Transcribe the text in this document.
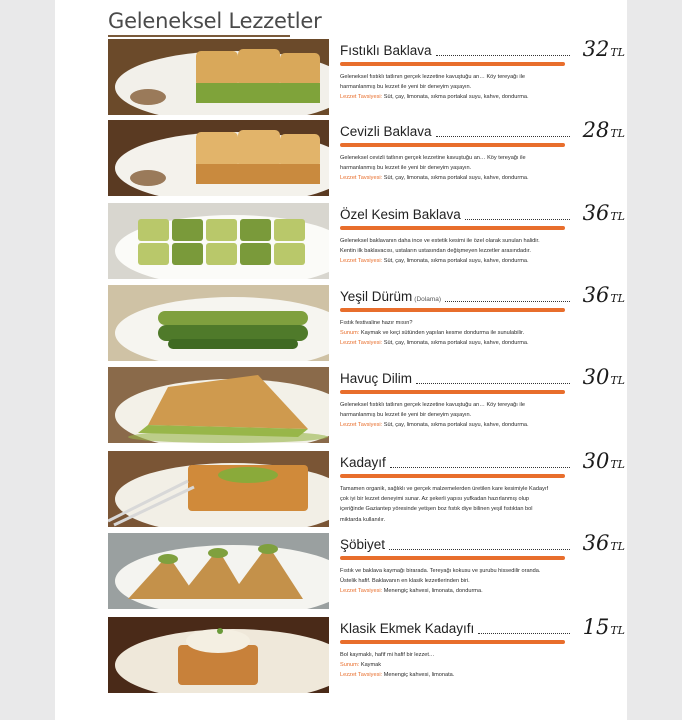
Geleneksel Lezzetler
Fıstıklı Baklava	32TL
Geleneksel fıstıklı tatlının gerçek lezzetine kavuştuğu an… Köy tereyağı ile
harmanlanmış bu lezzet ile yeni bir deneyim yaşayın.
Lezzet Tavsiyesi: Süt, çay, limonata, sıkma portakal suyu, kahve, dondurma.
Cevizli Baklava	28TL
Geleneksel cevizli tatlının gerçek lezzetine kavuştuğu an… Köy tereyağı ile
harmanlanmış bu lezzet ile yeni bir deneyim yaşayın.
Lezzet Tavsiyesi: Süt, çay, limonata, sıkma portakal suyu, kahve, dondurma.
Özel Kesim Baklava	36TL
Geleneksel baklavanın daha ince ve estetik kesimi ile özel olarak sunulan halidir.
Kentin ilk baklavacısı, ustaların ustasından değişmeyen lezzetler arasındadır.
Lezzet Tavsiyesi: Süt, çay, limonata, sıkma portakal suyu, kahve, dondurma.
Yeşil Dürüm (Dolama)	36TL
Fıstık festivaline hazır mısın?
Sunum: Kaymak ve keçi sütünden yapılan kesme dondurma ile sunulabilir.
Lezzet Tavsiyesi: Süt, çay, limonata, sıkma portakal suyu, kahve, dondurma.
Havuç Dilim	30TL
Geleneksel fıstıklı tatlının gerçek lezzetine kavuştuğu an… Köy tereyağı ile
harmanlanmış bu lezzet ile yeni bir deneyim yaşayın.
Lezzet Tavsiyesi: Süt, çay, limonata, sıkma portakal suyu, kahve, dondurma.
Kadayıf	30TL
Tamamen organik, sağlıklı ve gerçek malzemelerden üretilen kare kesimiyle Kadayıf
çok iyi bir lezzet deneyimi sunar. Az şekerli yapısı yufkadan hazırlanmış olup
içeriğinde Gaziantep yöresinde yetişen boz fıstık diye bilinen yeşil fıstıktan bol
miktarda kullanılır.
Şöbiyet	36TL
Fıstık ve baklava kaymağı birarada. Tereyağı kokusu ve şurubu hissedilir oranda.
Üstelik hafif. Baklavanın en klasik lezzetlerinden biri.
Lezzet Tavsiyesi: Menengiç kahvesi, limonata, dondurma.
Klasik Ekmek Kadayıfı	15TL
Bol kaymaklı, hafif mi hafif bir lezzet…
Sunum: Kaymak
Lezzet Tavsiyesi: Menengiç kahvesi, limonata.
